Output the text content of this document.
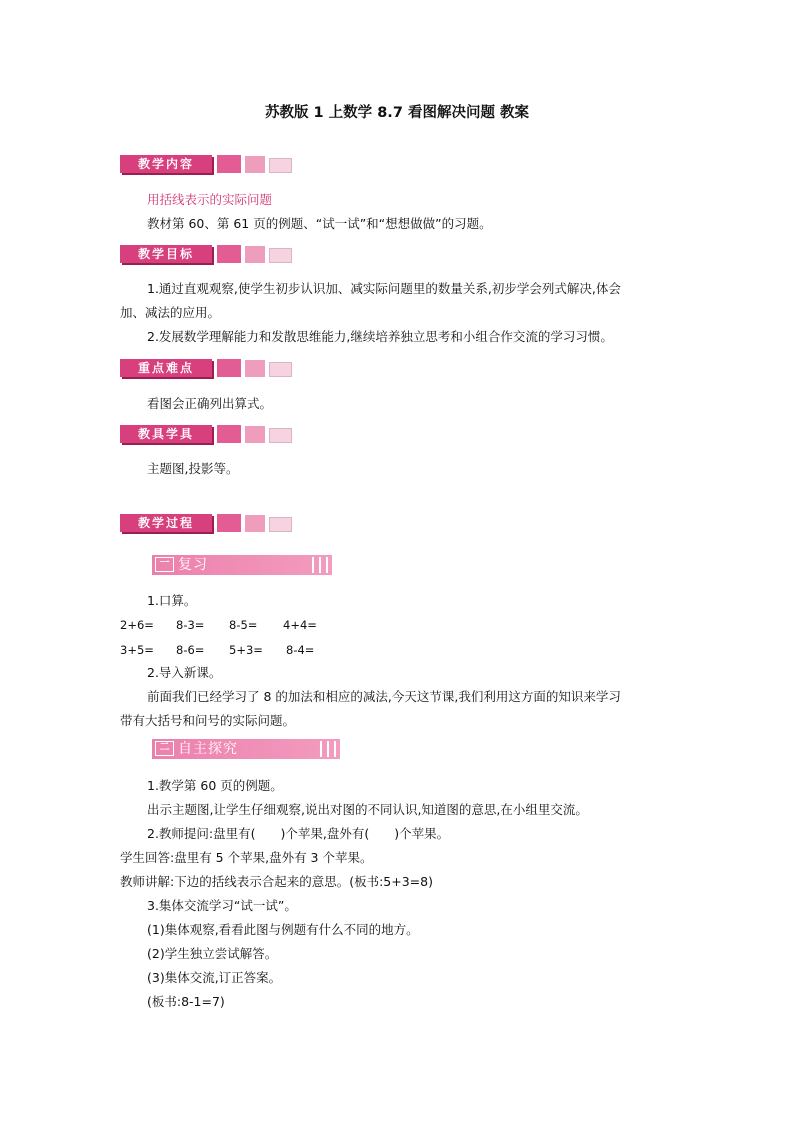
苏教版 1 上数学 8.7 看图解决问题 教案
教学内容
用括线表示的实际问题
教材第 60、第 61 页的例题、“试一试”和“想想做做”的习题。
教学目标
1.通过直观观察,使学生初步认识加、减实际问题里的数量关系,初步学会列式解决,体会
加、减法的应用。
2.发展数学理解能力和发散思维能力,继续培养独立思考和小组合作交流的学习习惯。
重点难点
看图会正确列出算式。
教具学具
主题图,投影等。
教学过程
一 复习
1.口算。
2+6= 8-3= 8-5= 4+4=
3+5= 8-6= 5+3= 8-4=
2.导入新课。
前面我们已经学习了 8 的加法和相应的减法,今天这节课,我们利用这方面的知识来学习
带有大括号和问号的实际问题。
二 自主探究
1.教学第 60 页的例题。
出示主题图,让学生仔细观察,说出对图的不同认识,知道图的意思,在小组里交流。
2.教师提问:盘里有(　　)个苹果,盘外有(　　)个苹果。
学生回答:盘里有 5 个苹果,盘外有 3 个苹果。
教师讲解:下边的括线表示合起来的意思。(板书:5+3=8)
3.集体交流学习“试一试”。
(1)集体观察,看看此图与例题有什么不同的地方。
(2)学生独立尝试解答。
(3)集体交流,订正答案。
(板书:8-1=7)
